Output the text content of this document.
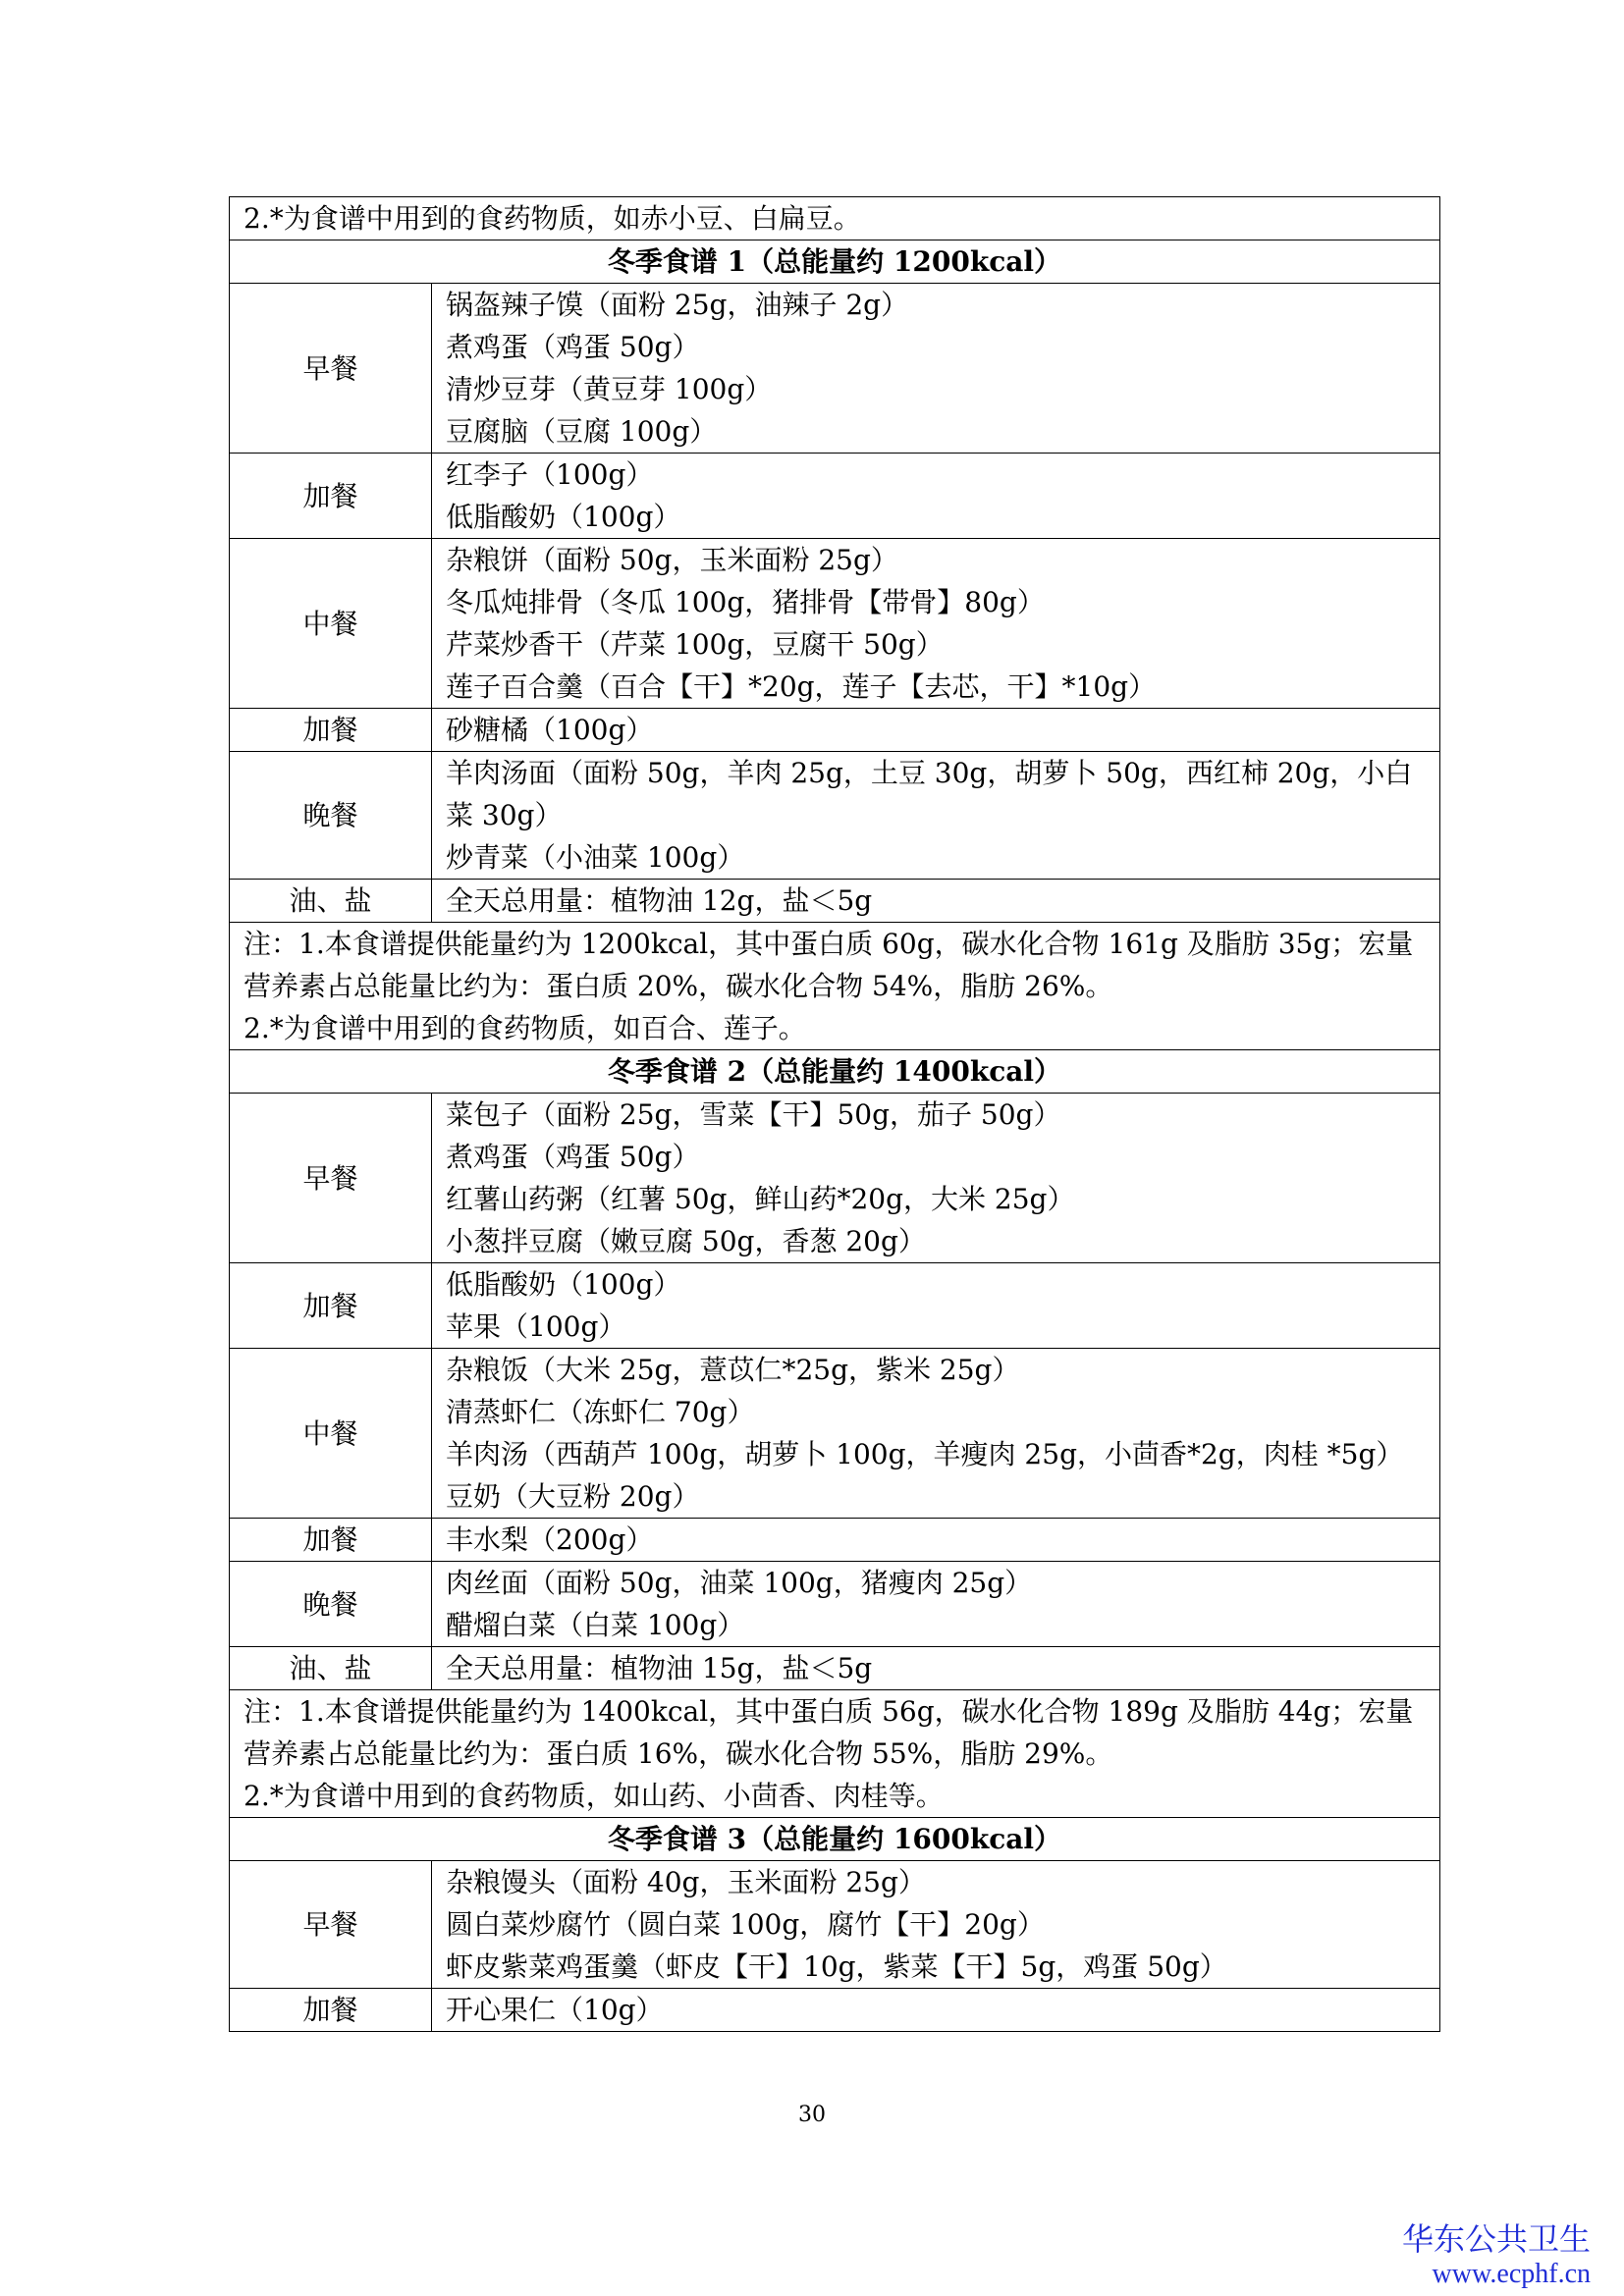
2.*为食谱中用到的食药物质，如赤小豆、白扁豆。	

冬季食谱 1（总能量约 1200kcal）	
早餐	锅盔辣子馍（面粉 25g，油辣子 2g）
煮鸡蛋（鸡蛋 50g）
清炒豆芽（黄豆芽 100g）
豆腐脑（豆腐 100g）

加餐	红李子（100g）
低脂酸奶（100g）

中餐	杂粮饼（面粉 50g，玉米面粉 25g）
冬瓜炖排骨（冬瓜 100g，猪排骨【带骨】80g）
芹菜炒香干（芹菜 100g，豆腐干 50g）
莲子百合羹（百合【干】*20g，莲子【去芯，干】*10g）

加餐	砂糖橘（100g）

晚餐	羊肉汤面（面粉 50g，羊肉 25g，土豆 30g，胡萝卜 50g，西红柿 20g，小白菜 30g）
炒青菜（小油菜 100g）

油、盐	全天总用量：植物油 12g，盐＜5g

注：1.本食谱提供能量约为 1200kcal，其中蛋白质 60g，碳水化合物 161g 及脂肪 35g；宏量营养素占总能量比约为：蛋白质 20%，碳水化合物 54%，脂肪 26%。
2.*为食谱中用到的食药物质，如百合、莲子。	

冬季食谱 2（总能量约 1400kcal）	
早餐	菜包子（面粉 25g，雪菜【干】50g，茄子 50g）
煮鸡蛋（鸡蛋 50g）
红薯山药粥（红薯 50g，鲜山药*20g，大米 25g）
小葱拌豆腐（嫩豆腐 50g，香葱 20g）

加餐	低脂酸奶（100g）
苹果（100g）

中餐	杂粮饭（大米 25g，薏苡仁*25g，紫米 25g）
清蒸虾仁（冻虾仁 70g）
羊肉汤（西葫芦 100g，胡萝卜 100g，羊瘦肉 25g，小茴香*2g，肉桂 *5g）
豆奶（大豆粉 20g）

加餐	丰水梨（200g）

晚餐	肉丝面（面粉 50g，油菜 100g，猪瘦肉 25g）
醋熘白菜（白菜 100g）

油、盐	全天总用量：植物油 15g，盐＜5g

注：1.本食谱提供能量约为 1400kcal，其中蛋白质 56g，碳水化合物 189g 及脂肪 44g；宏量营养素占总能量比约为：蛋白质 16%，碳水化合物 55%，脂肪 29%。
2.*为食谱中用到的食药物质，如山药、小茴香、肉桂等。	

冬季食谱 3（总能量约 1600kcal）	
早餐	杂粮馒头（面粉 40g，玉米面粉 25g）
圆白菜炒腐竹（圆白菜 100g，腐竹【干】20g）
虾皮紫菜鸡蛋羹（虾皮【干】10g，紫菜【干】5g，鸡蛋 50g）

加餐	开心果仁（10g）
30
华东公共卫生
www.ecphf.cn
